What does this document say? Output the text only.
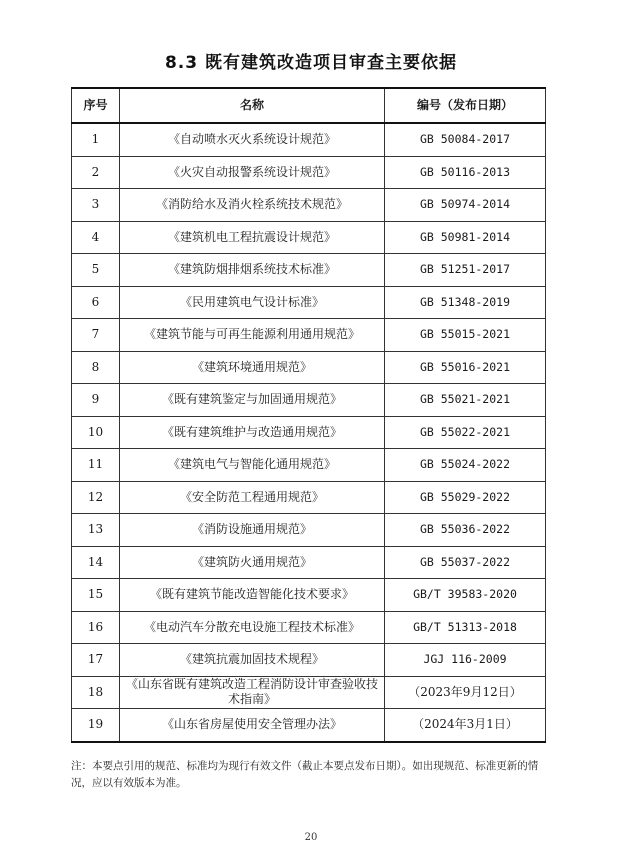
8.3 既有建筑改造项目审查主要依据
序号	名称	编号（发布日期）
1	《自动喷水灭火系统设计规范》	GB 50084-2017
2	《火灾自动报警系统设计规范》	GB 50116-2013
3	《消防给水及消火栓系统技术规范》	GB 50974-2014
4	《建筑机电工程抗震设计规范》	GB 50981-2014
5	《建筑防烟排烟系统技术标准》	GB 51251-2017
6	《民用建筑电气设计标准》	GB 51348-2019
7	《建筑节能与可再生能源利用通用规范》	GB 55015-2021
8	《建筑环境通用规范》	GB 55016-2021
9	《既有建筑鉴定与加固通用规范》	GB 55021-2021
10	《既有建筑维护与改造通用规范》	GB 55022-2021
11	《建筑电气与智能化通用规范》	GB 55024-2022
12	《安全防范工程通用规范》	GB 55029-2022
13	《消防设施通用规范》	GB 55036-2022
14	《建筑防火通用规范》	GB 55037-2022
15	《既有建筑节能改造智能化技术要求》	GB/T 39583-2020
16	《电动汽车分散充电设施工程技术标准》	GB/T 51313-2018
17	《建筑抗震加固技术规程》	JGJ 116-2009
18	《山东省既有建筑改造工程消防设计审查验收技术指南》	（2023年9月12日）
19	《山东省房屋使用安全管理办法》	（2024年3月1日）
注：本要点引用的规范、标准均为现行有效文件（截止本要点发布日期）。如出现规范、标准更新的情况，应以有效版本为准。
20
